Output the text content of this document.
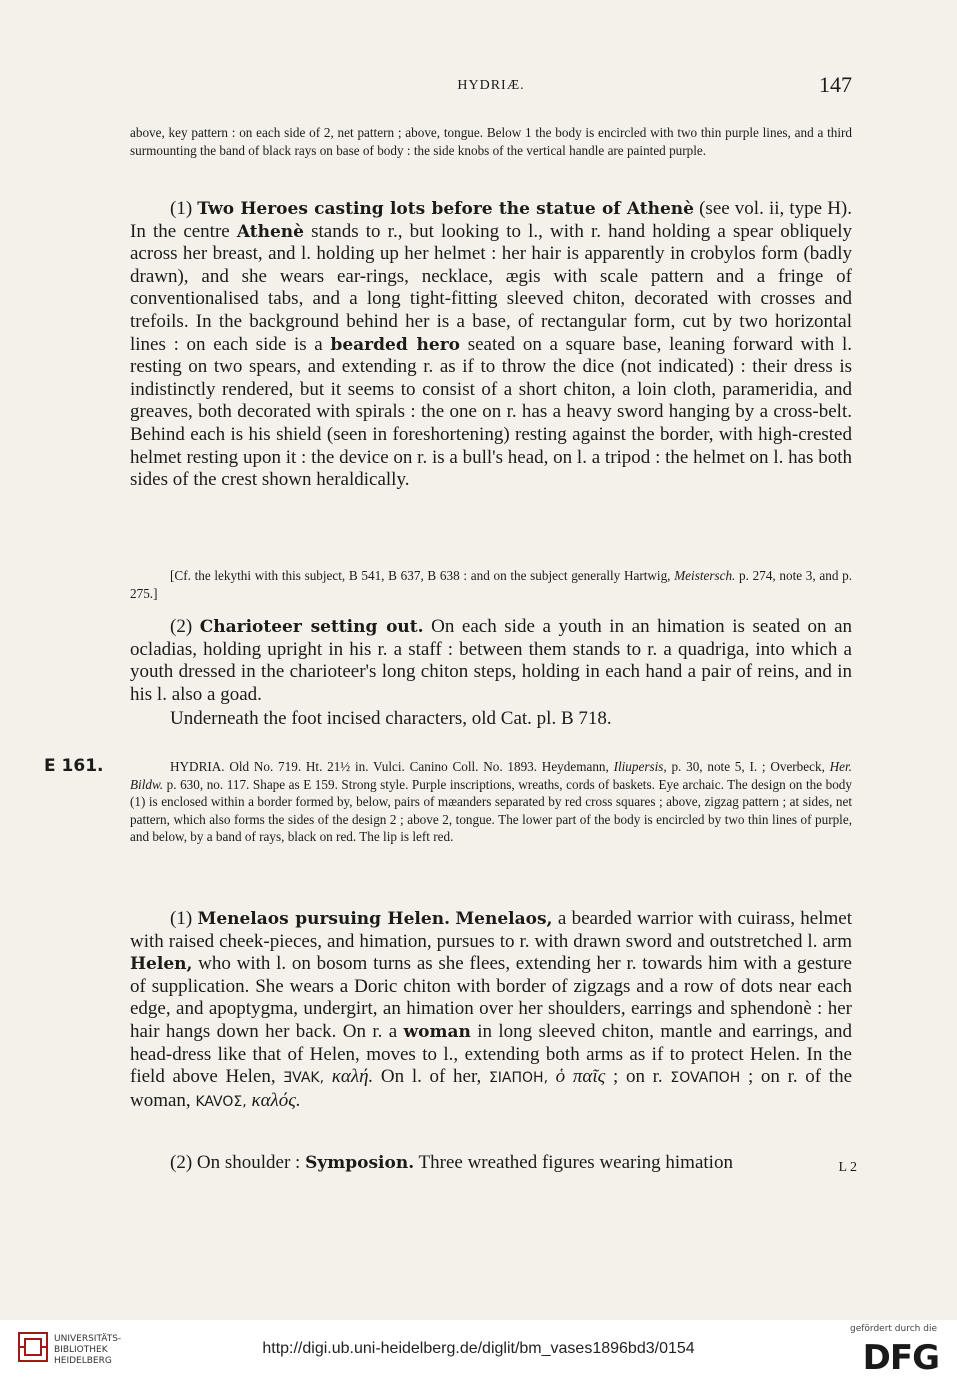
HYDRIÆ.	147
above, key pattern : on each side of 2, net pattern ; above, tongue. Below 1 the body is encircled with two thin purple lines, and a third surmounting the band of black rays on base of body : the side knobs of the vertical handle are painted purple.
(1) Two Heroes casting lots before the statue of Athenè (see vol. ii, type H). In the centre Athenè stands to r., but looking to l., with r. hand holding a spear obliquely across her breast, and l. holding up her helmet : her hair is apparently in crobylos form (badly drawn), and she wears ear-rings, necklace, ægis with scale pattern and a fringe of conventionalised tabs, and a long tight-fitting sleeved chiton, decorated with crosses and trefoils. In the background behind her is a base, of rectangular form, cut by two horizontal lines : on each side is a bearded hero seated on a square base, leaning forward with l. resting on two spears, and extending r. as if to throw the dice (not indicated) : their dress is indistinctly rendered, but it seems to consist of a short chiton, a loin cloth, parameridia, and greaves, both decorated with spirals : the one on r. has a heavy sword hanging by a cross-belt. Behind each is his shield (seen in foreshortening) resting against the border, with high-crested helmet resting upon it : the device on r. is a bull's head, on l. a tripod : the helmet on l. has both sides of the crest shown heraldically.
[Cf. the lekythi with this subject, B 541, B 637, B 638 : and on the subject generally Hartwig, Meistersch. p. 274, note 3, and p. 275.]
(2) Charioteer setting out. On each side a youth in an himation is seated on an ocladias, holding upright in his r. a staff : between them stands to r. a quadriga, into which a youth dressed in the charioteer's long chiton steps, holding in each hand a pair of reins, and in his l. also a goad.
Underneath the foot incised characters, old Cat. pl. B 718.
E 161.	HYDRIA. Old No. 719. Ht. 21½ in. Vulci. Canino Coll. No. 1893. Heydemann, Iliupersis, p. 30, note 5, I. ; Overbeck, Her. Bildw. p. 630, no. 117. Shape as E 159. Strong style. Purple inscriptions, wreaths, cords of baskets. Eye archaic. The design on the body (1) is enclosed within a border formed by, below, pairs of mæanders separated by red cross squares ; above, zigzag pattern ; at sides, net pattern, which also forms the sides of the design 2 ; above 2, tongue. The lower part of the body is encircled by two thin lines of purple, and below, by a band of rays, black on red. The lip is left red.
(1) Menelaos pursuing Helen. Menelaos, a bearded warrior with cuirass, helmet with raised cheek-pieces, and himation, pursues to r. with drawn sword and outstretched l. arm Helen, who with l. on bosom turns as she flees, extending her r. towards him with a gesture of supplication. She wears a Doric chiton with border of zigzags and a row of dots near each edge, and apoptygma, undergirt, an himation over her shoulders, earrings and sphendonè : her hair hangs down her back. On r. a woman in long sleeved chiton, mantle and earrings, and head-dress like that of Helen, moves to l., extending both arms as if to protect Helen. In the field above Helen, ƎVAK, καλή. On l. of her, ΣIAΠOH, ὁ παῖς ; on r. ΣOVAΠOH ; on r. of the woman, KAVOΣ, καλός.
(2) On shoulder : Symposion. Three wreathed figures wearing himation	L 2
UNIVERSITÄTS-
BIBLIOTHEK
HEIDELBERG
http://digi.ub.uni-heidelberg.de/diglit/bm_vases1896bd3/0154
gefördert durch die
DFG
